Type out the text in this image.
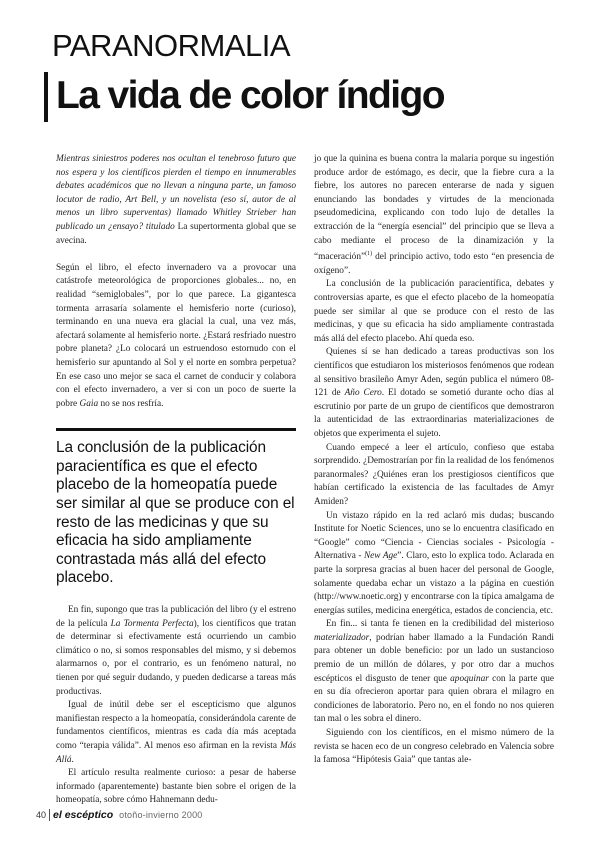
PARANORMALIA
La vida de color índigo

Mientras siniestros poderes nos ocultan el tenebroso futuro que nos espera y los científicos pierden el tiempo en innumerables debates académicos que no llevan a ninguna parte, un famoso locutor de radio, Art Bell, y un novelista (eso sí, autor de al menos un libro superventas) llamado Whitley Strieber han publicado un ¿ensayo? titulado La supertormenta global que se avecina.

Según el libro, el efecto invernadero va a provocar una catástrofe meteorológica de proporciones globales... no, en realidad “semiglobales”, por lo que parece. La gigantesca tormenta arrasaría solamente el hemisferio norte (curioso), terminando en una nueva era glacial la cual, una vez más, afectará solamente al hemisferio norte. ¿Estará resfriado nuestro pobre planeta? ¿Lo colocará un estruendoso estornudo con el hemisferio sur apuntando al Sol y el norte en sombra perpetua? En ese caso uno mejor se saca el carnet de conducir y colabora con el efecto invernadero, a ver si con un poco de suerte la pobre Gaia no se nos resfría.

La conclusión de la publicación paracientífica es que el efecto placebo de la homeopatía puede ser similar al que se produce con el resto de las medicinas y que su eficacia ha sido ampliamente contrastada más allá del efecto placebo.

En fin, supongo que tras la publicación del libro (y el estreno de la película La Tormenta Perfecta), los científicos que tratan de determinar si efectivamente está ocurriendo un cambio climático o no, si somos responsables del mismo, y si debemos alarmarnos o, por el contrario, es un fenómeno natural, no tienen por qué seguir dudando, y pueden dedicarse a tareas más productivas.

Igual de inútil debe ser el escepticismo que algunos manifiestan respecto a la homeopatía, considerándola carente de fundamentos científicos, mientras es cada día más aceptada como “terapia válida”. Al menos eso afirman en la revista Más Allá.

El artículo resulta realmente curioso: a pesar de haberse informado (aparentemente) bastante bien sobre el origen de la homeopatía, sobre cómo Hahnemann dedu-

jo que la quinina es buena contra la malaria porque su ingestión produce ardor de estómago, es decir, que la fiebre cura a la fiebre, los autores no parecen enterarse de nada y siguen enunciando las bondades y virtudes de la mencionada pseudomedicina, explicando con todo lujo de detalles la extracción de la “energía esencial” del principio que se lleva a cabo mediante el proceso de la dinamización y la “maceración”$^{(1)}$ del principio activo, todo esto “en presencia de oxígeno”.

La conclusión de la publicación paracientífica, debates y controversias aparte, es que el efecto placebo de la homeopatía puede ser similar al que se produce con el resto de las medicinas, y que su eficacia ha sido ampliamente contrastada más allá del efecto placebo. Ahí queda eso.

Quienes sí se han dedicado a tareas productivas son los científicos que estudiaron los misteriosos fenómenos que rodean al sensitivo brasileño Amyr Aden, según publica el número 08-121 de Año Cero. El dotado se sometió durante ocho días al escrutinio por parte de un grupo de científicos que demostraron la autenticidad de las extraordinarias materializaciones de objetos que experimenta el sujeto.

Cuando empecé a leer el artículo, confieso que estaba sorprendido. ¿Demostrarían por fin la realidad de los fenómenos paranormales? ¿Quiénes eran los prestigiosos científicos que habían certificado la existencia de las facultades de Amyr Amiden?

Un vistazo rápido en la red aclaró mis dudas; buscando Institute for Noetic Sciences, uno se lo encuentra clasificado en “Google” como “Ciencia - Ciencias sociales - Psicología - Alternativa - New Age”. Claro, esto lo explica todo. Aclarada en parte la sorpresa gracias al buen hacer del personal de Google, solamente quedaba echar un vistazo a la página en cuestión (http://www.noetic.org) y encontrarse con la típica amalgama de energías sutiles, medicina energética, estados de conciencia, etc.

En fin... si tanta fe tienen en la credibilidad del misterioso materializador, podrían haber llamado a la Fundación Randi para obtener un doble beneficio: por un lado un sustancioso premio de un millón de dólares, y por otro dar a muchos escépticos el disgusto de tener que apoquinar con la parte que en su día ofrecieron aportar para quien obrara el milagro en condiciones de laboratorio. Pero no, en el fondo no nos quieren tan mal o les sobra el dinero.

Siguiendo con los científicos, en el mismo número de la revista se hacen eco de un congreso celebrado en Valencia sobre la famosa “Hipótesis Gaia” que tantas ale-

40 el escéptico otoño-invierno 2000
